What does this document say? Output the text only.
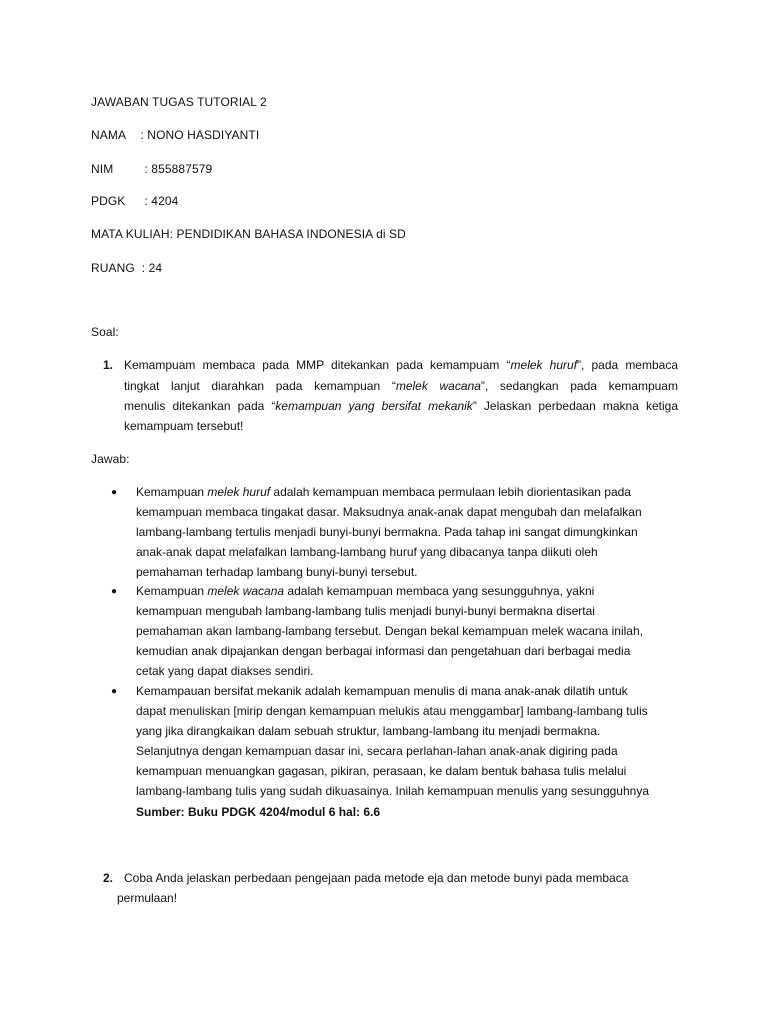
JAWABAN TUGAS TUTORIAL 2
NAMA : NONO HASDIYANTI
NIM	: 855887579
PDGK : 4204
MATA KULIAH: PENDIDIKAN BAHASA INDONESIA di SD
RUANG  : 24
Soal:
1. Kemampuam membaca pada MMP ditekankan pada kemampuam “melek huruf”, pada membaca
tingkat lanjut diarahkan pada kemampuan “melek wacana”, sedangkan pada kemampuam
menulis ditekankan pada “kemampuan yang bersifat mekanik” Jelaskan perbedaan makna ketiga
kemampuam tersebut!
Jawab:
● Kemampuan melek huruf adalah kemampuan membaca permulaan lebih diorientasikan pada
kemampuan membaca tingakat dasar. Maksudnya anak-anak dapat mengubah dan melafalkan
lambang-lambang tertulis menjadi bunyi-bunyi bermakna. Pada tahap ini sangat dimungkinkan
anak-anak dapat melafalkan lambang-lambang huruf yang dibacanya tanpa diikuti oleh
pemahaman terhadap lambang bunyi-bunyi tersebut.
● Kemampuan melek wacana adalah kemampuan membaca yang sesungguhnya, yakni
kemampuan mengubah lambang-lambang tulis menjadi bunyi-bunyi bermakna disertai
pemahaman akan lambang-lambang tersebut. Dengan bekal kemampuan melek wacana inilah,
kemudian anak dipajankan dengan berbagai informasi dan pengetahuan dari berbagai media
cetak yang dapat diakses sendiri.
● Kemampauan bersifat mekanik adalah kemampuan menulis di mana anak-anak dilatih untuk
dapat menuliskan [mirip dengan kemampuan melukis atau menggambar] lambang-lambang tulis
yang jika dirangkaikan dalam sebuah struktur, lambang-lambang itu menjadi bermakna.
Selanjutnya dengan kemampuan dasar ini, secara perlahan-lahan anak-anak digiring pada
kemampuan menuangkan gagasan, pikiran, perasaan, ke dalam bentuk bahasa tulis melalui
lambang-lambang tulis yang sudah dikuasainya. Inilah kemampuan menulis yang sesungguhnya
Sumber: Buku PDGK 4204/modul 6 hal: 6.6
2. Coba Anda jelaskan perbedaan pengejaan pada metode eja dan metode bunyi pada membaca
permulaan!
